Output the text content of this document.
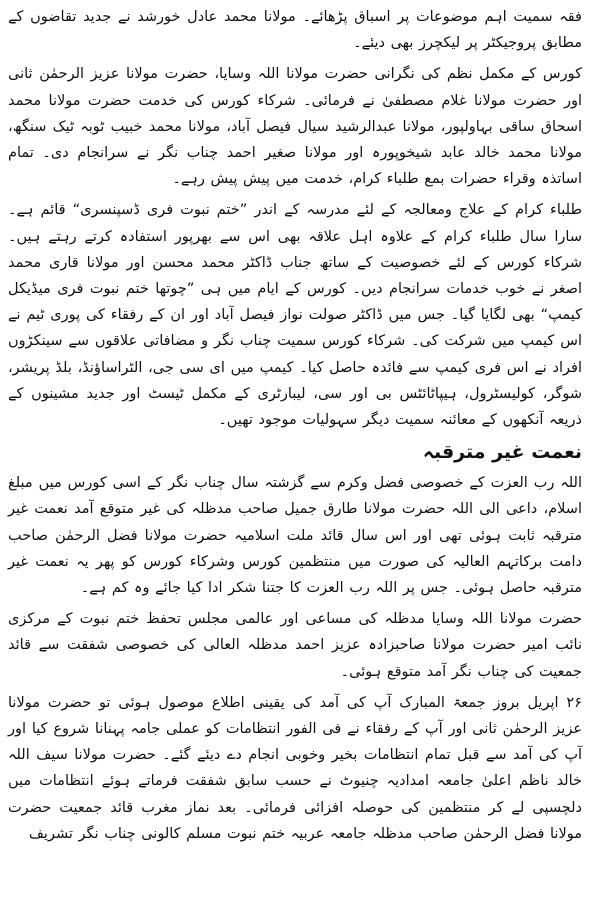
فقہ سمیت اہم موضوعات پر اسباق پڑھائے۔ مولانا محمد عادل خورشد نے جدید تقاضوں کے مطابق پروجیکٹر پر لیکچرز بھی دیئے۔

کورس کے مکمل نظم کی نگرانی حضرت مولانا اللہ وسایا، حضرت مولانا عزیز الرحمٰن ثانی اور حضرت مولانا غلام مصطفیٰ نے فرمائی۔ شرکاء کورس کی خدمت حضرت مولانا محمد اسحاق ساقی بہاولپور، مولانا عبدالرشید سیال فیصل آباد، مولانا محمد خبیب ٹوبہ ٹیک سنگھ، مولانا محمد خالد عابد شیخوپورہ اور مولانا صغیر احمد چناب نگر نے سرانجام دی۔ تمام اساتذہ وقراء حضرات بمع طلباء کرام، خدمت میں پیش پیش رہے۔

طلباء کرام کے علاج ومعالجہ کے لئے مدرسہ کے اندر ”ختم نبوت فری ڈسپنسری“ قائم ہے۔ سارا سال طلباء کرام کے علاوہ اہل علاقہ بھی اس سے بھرپور استفادہ کرتے رہتے ہیں۔ شرکاء کورس کے لئے خصوصیت کے ساتھ جناب ڈاکٹر محمد محسن اور مولانا قاری محمد اصغر نے خوب خدمات سرانجام دیں۔ کورس کے ایام میں ہی ”چوتھا ختم نبوت فری میڈیکل کیمپ“ بھی لگایا گیا۔ جس میں ڈاکٹر صولت نواز فیصل آباد اور ان کے رفقاء کی پوری ٹیم نے اس کیمپ میں شرکت کی۔ شرکاء کورس سمیت چناب نگر و مضافاتی علاقوں سے سینکڑوں افراد نے اس فری کیمپ سے فائدہ حاصل کیا۔ کیمپ میں ای سی جی، الٹراساؤنڈ، بلڈ پریشر، شوگر، کولیسٹرول، ہیپاٹائٹس بی اور سی، لیبارٹری کے مکمل ٹیسٹ اور جدید مشینوں کے ذریعہ آنکھوں کے معائنہ سمیت دیگر سہولیات موجود تھیں۔

نعمت غیر مترقبہ

اللہ رب العزت کے خصوصی فضل وکرم سے گزشتہ سال چناب نگر کے اسی کورس میں مبلغ اسلام، داعی الی اللہ حضرت مولانا طارق جمیل صاحب مدظلہ کی غیر متوقع آمد نعمت غیر مترقبہ ثابت ہوئی تھی اور اس سال قائد ملت اسلامیہ حضرت مولانا فضل الرحمٰن صاحب دامت برکاتہم العالیہ کی صورت میں منتظمین کورس وشرکاء کورس کو پھر یہ نعمت غیر مترقبہ حاصل ہوئی۔ جس پر اللہ رب العزت کا جتنا شکر ادا کیا جائے وہ کم ہے۔

حضرت مولانا اللہ وسایا مدظلہ کی مساعی اور عالمی مجلس تحفظ ختم نبوت کے مرکزی نائب امیر حضرت مولانا صاحبزادہ عزیز احمد مدظلہ العالی کی خصوصی شفقت سے قائد جمعیت کی چناب نگر آمد متوقع ہوئی۔

۲۶ اپریل بروز جمعۃ المبارک آپ کی آمد کی یقینی اطلاع موصول ہوئی تو حضرت مولانا عزیز الرحمٰن ثانی اور آپ کے رفقاء نے فی الفور انتظامات کو عملی جامہ پہنانا شروع کیا اور آپ کی آمد سے قبل تمام انتظامات بخیر وخوبی انجام دے دیئے گئے۔ حضرت مولانا سیف اللہ خالد ناظم اعلیٰ جامعہ امدادیہ چنیوٹ نے حسب سابق شفقت فرماتے ہوئے انتظامات میں دلچسپی لے کر منتظمین کی حوصلہ افزائی فرمائی۔ بعد نماز مغرب قائد جمعیت حضرت مولانا فضل الرحمٰن صاحب مدظلہ جامعہ عربیہ ختم نبوت مسلم کالونی چناب نگر تشریف
